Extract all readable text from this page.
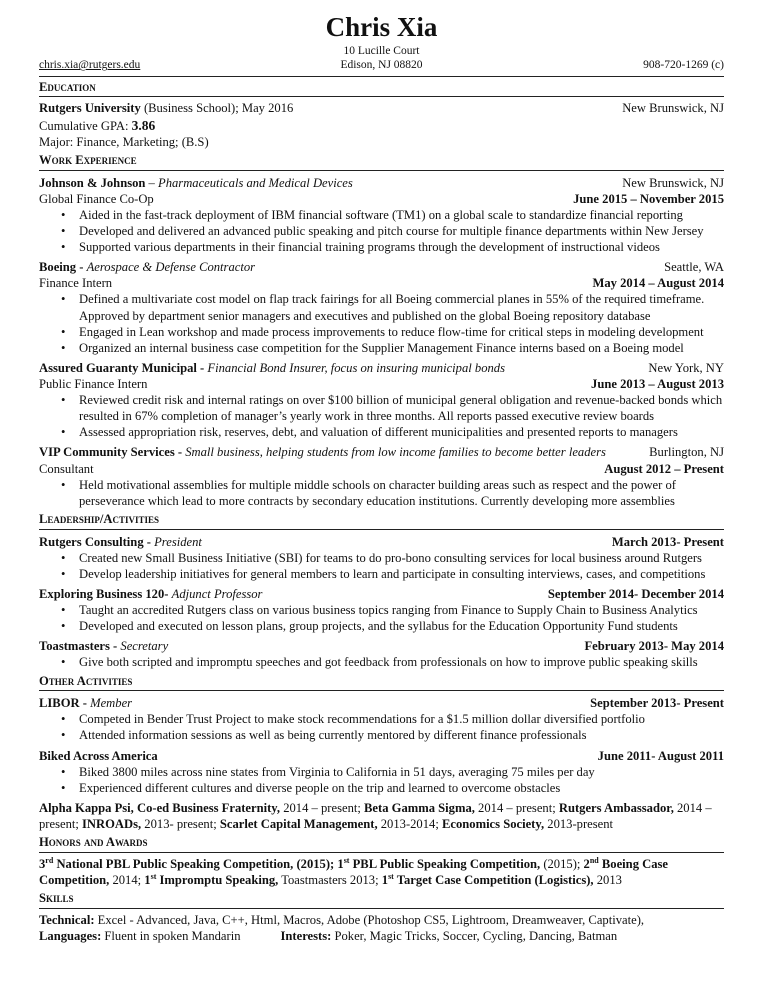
Chris Xia
chris.xia@rutgers.edu
10 Lucille Court
Edison, NJ 08820	908-720-1269 (c)
Education
Rutgers University (Business School); May 2016	New Brunswick, NJ
Cumulative GPA: 3.86
Major: Finance, Marketing; (B.S)
Work Experience
Johnson & Johnson – Pharmaceuticals and Medical Devices	New Brunswick, NJ
Global Finance Co-Op	June 2015 – November 2015
• Aided in the fast-track deployment of IBM financial software (TM1) on a global scale to standardize financial reporting
• Developed and delivered an advanced public speaking and pitch course for multiple finance departments within New Jersey
• Supported various departments in their financial training programs through the development of instructional videos
Boeing - Aerospace & Defense Contractor	Seattle, WA
Finance Intern	May 2014 – August 2014
• Defined a multivariate cost model on flap track fairings for all Boeing commercial planes in 55% of the required timeframe. Approved by department senior managers and executives and published on the global Boeing repository database
• Engaged in Lean workshop and made process improvements to reduce flow-time for critical steps in modeling development
• Organized an internal business case competition for the Supplier Management Finance interns based on a Boeing model
Assured Guaranty Municipal - Financial Bond Insurer, focus on insuring municipal bonds	New York, NY
Public Finance Intern	June 2013 – August 2013
• Reviewed credit risk and internal ratings on over $100 billion of municipal general obligation and revenue-backed bonds which resulted in 67% completion of manager’s yearly work in three months. All reports passed executive review boards
• Assessed appropriation risk, reserves, debt, and valuation of different municipalities and presented reports to managers
VIP Community Services - Small business, helping students from low income families to become better leaders	Burlington, NJ
Consultant	August 2012 – Present
• Held motivational assemblies for multiple middle schools on character building areas such as respect and the power of perseverance which lead to more contracts by secondary education institutions. Currently developing more assemblies
Leadership/Activities
Rutgers Consulting - President	March 2013- Present
• Created new Small Business Initiative (SBI) for teams to do pro-bono consulting services for local business around Rutgers
• Develop leadership initiatives for general members to learn and participate in consulting interviews, cases, and competitions
Exploring Business 120- Adjunct Professor	September 2014- December 2014
• Taught an accredited Rutgers class on various business topics ranging from Finance to Supply Chain to Business Analytics
• Developed and executed on lesson plans, group projects, and the syllabus for the Education Opportunity Fund students
Toastmasters - Secretary	February 2013- May 2014
• Give both scripted and impromptu speeches and got feedback from professionals on how to improve public speaking skills
Other Activities
LIBOR - Member	September 2013- Present
• Competed in Bender Trust Project to make stock recommendations for a $1.5 million dollar diversified portfolio
• Attended information sessions as well as being currently mentored by different finance professionals
Biked Across America	June 2011- August 2011
• Biked 3800 miles across nine states from Virginia to California in 51 days, averaging 75 miles per day
• Experienced different cultures and diverse people on the trip and learned to overcome obstacles
Alpha Kappa Psi, Co-ed Business Fraternity, 2014 – present; Beta Gamma Sigma, 2014 – present; Rutgers Ambassador, 2014 – present; INROADs, 2013- present; Scarlet Capital Management, 2013-2014; Economics Society, 2013-present
Honors and Awards
3rd National PBL Public Speaking Competition, (2015); 1st PBL Public Speaking Competition, (2015); 2nd Boeing Case Competition, 2014; 1st Impromptu Speaking, Toastmasters 2013; 1st Target Case Competition (Logistics), 2013
Skills
Technical: Excel - Advanced, Java, C++, Html, Macros, Adobe (Photoshop CS5, Lightroom, Dreamweaver, Captivate),
Languages: Fluent in spoken Mandarin	Interests: Poker, Magic Tricks, Soccer, Cycling, Dancing, Batman
